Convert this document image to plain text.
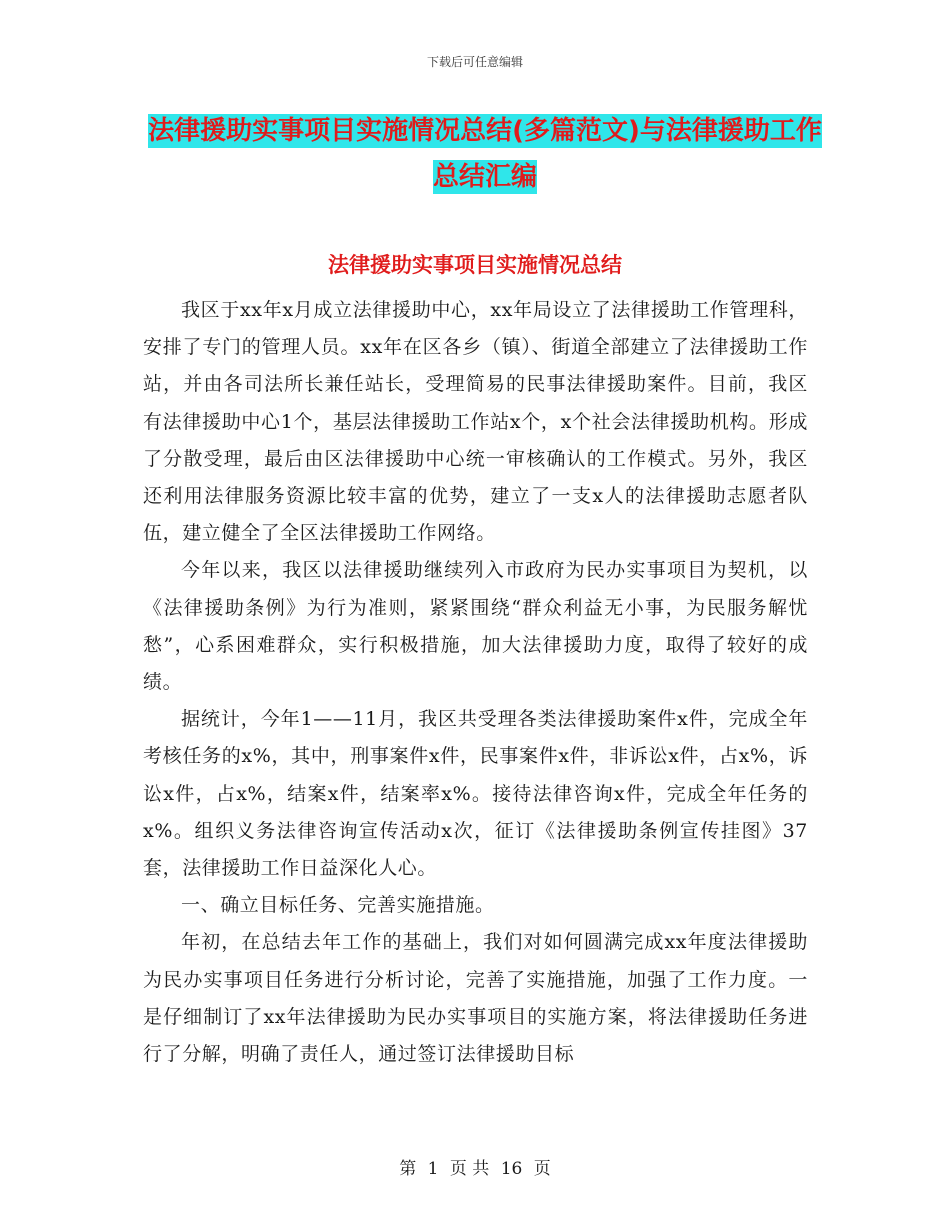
下载后可任意编辑
法律援助实事项目实施情况总结(多篇范文)与法律援助工作总结汇编
法律援助实事项目实施情况总结

我区于xx年x月成立法律援助中心，xx年局设立了法律援助工作管理科，安排了专门的管理人员。xx年在区各乡（镇）、街道全部建立了法律援助工作站，并由各司法所长兼任站长，受理简易的民事法律援助案件。目前，我区有法律援助中心1个，基层法律援助工作站x个，x个社会法律援助机构。形成了分散受理，最后由区法律援助中心统一审核确认的工作模式。另外，我区还利用法律服务资源比较丰富的优势，建立了一支x人的法律援助志愿者队伍，建立健全了全区法律援助工作网络。

今年以来，我区以法律援助继续列入市政府为民办实事项目为契机，以《法律援助条例》为行为准则，紧紧围绕“群众利益无小事，为民服务解忧愁”，心系困难群众，实行积极措施，加大法律援助力度，取得了较好的成绩。

据统计，今年1——11月，我区共受理各类法律援助案件x件，完成全年考核任务的x%，其中，刑事案件x件，民事案件x件，非诉讼x件，占x%，诉讼x件，占x%，结案x件，结案率x%。接待法律咨询x件，完成全年任务的x%。组织义务法律咨询宣传活动x次，征订《法律援助条例宣传挂图》37套，法律援助工作日益深化人心。

一、确立目标任务、完善实施措施。

年初，在总结去年工作的基础上，我们对如何圆满完成xx年度法律援助为民办实事项目任务进行分析讨论，完善了实施措施，加强了工作力度。一是仔细制订了xx年法律援助为民办实事项目的实施方案，将法律援助任务进行了分解，明确了责任人，通过签订法律援助目标

第 1 页 共 16 页
